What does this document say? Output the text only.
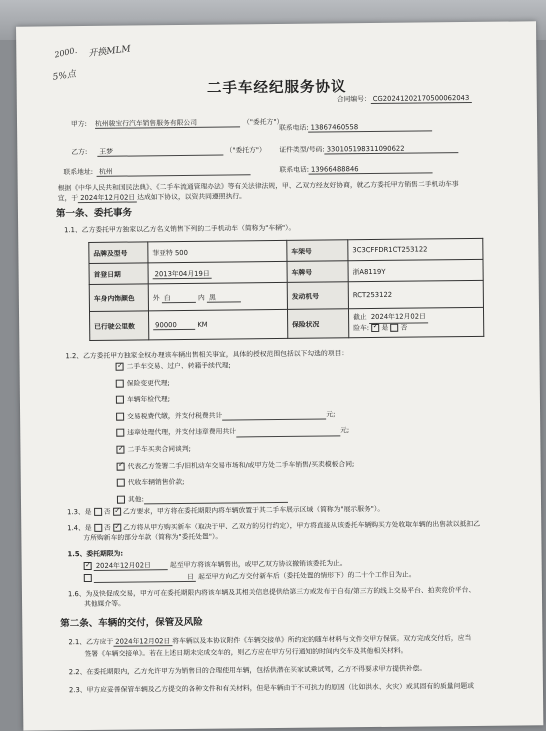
2000. 开换MLM
5%点
二手车经纪服务协议
合同编号： CG20241202170500062043
甲方: 杭州骏宝行汽车销售服务有限公司	（"委托方"）
联系电话: 13867460558
乙方: 王梦	（"委托方"） 证件类型/号码: 330105198311090622
联系地址: 杭州	联系电话: 13966488846
根据《中华人民共和国民法典》、《二手车流通管理办法》等有关法律法规，甲、乙双方经友好协商，就乙方委托甲方销售二手机动车事
宜，于 2024年12月02日 达成如下协议，以资共同遵照执行。
第一条、委托事务
1.1、乙方委托甲方独家以乙方名义销售下列的二手机动车（简称为"车辆"）。
品牌及型号	菲亚特 500	车架号	3C3CFFDR1CT253122
首登日期	2013年04月19日	车牌号	浙A8119Y
车身内饰颜色	外 白 内 黑	发动机号	RCT253122
已行驶公里数	90000 KM	保险状况	截止 2024年12月02日
险车: ✓ 是 否
1.2、乙方委托甲方独家全权办理该车辆出售相关事宜，具体的授权范围包括以下勾选的项目：
✓ 二手车交易、过户、转籍手续代理;
保险变更代理;
车辆年检代理;
交易税费代缴，并支付税费共计	元;
违章处理代理，并支付违章费用共计	元;
✓ 二手车买卖合同谈判;
✓ 代表乙方签署二手/旧机动车交易市场和/或甲方处二手车销售/买卖模板合同;
代收车辆销售价款;
其他:
1.3、是 否 ✓ 乙方要求，甲方将在委托期限内将车辆放置于其二手车展示区域（简称为"展示服务"）。
1.4、是 否 ✓ 乙方将从甲方购买新车（取决于甲、乙双方的另行约定），甲方将直接从该委托车辆购买方处收取车辆的出售款以抵扣乙
方所购新车的部分车款（简称为"委托处置"）。
1.5、委托期限为:
✓ 2024年12月02日	起至甲方将该车辆售出，或甲乙双方协议撤销该委托为止。
日 起至甲方向乙方交付新车后（委托处置的情形下）的二十个工作日为止。
1.6、为及快促成交易，甲方可在委托期限内将该车辆及其相关信息提供给第三方或发布于自有/第三方的线上交易平台、拍卖竞价平台、
其他媒介等。
第二条、车辆的交付，保管及风险
2.1、乙方应于 2024年12月02日 将车辆以及本协议附件《车辆交接单》所约定的随车材料与文件交甲方保管。双方完成交付后，应当
签署《车辆交接单》。若在上述日期未完成交车的，则乙方应在甲方另行通知的时间内交车及其他相关材料。
2.2、在委托期限内，乙方允许甲方为销售目的合理使用车辆，包括供潜在买家试乘试驾，乙方不得要求甲方提供补偿。
2.3、甲方应妥善保管车辆及乙方提交的各种文件和有关材料，但是车辆由于不可抗力的原因（比如洪水、火灾）或其固有的质量问题或
